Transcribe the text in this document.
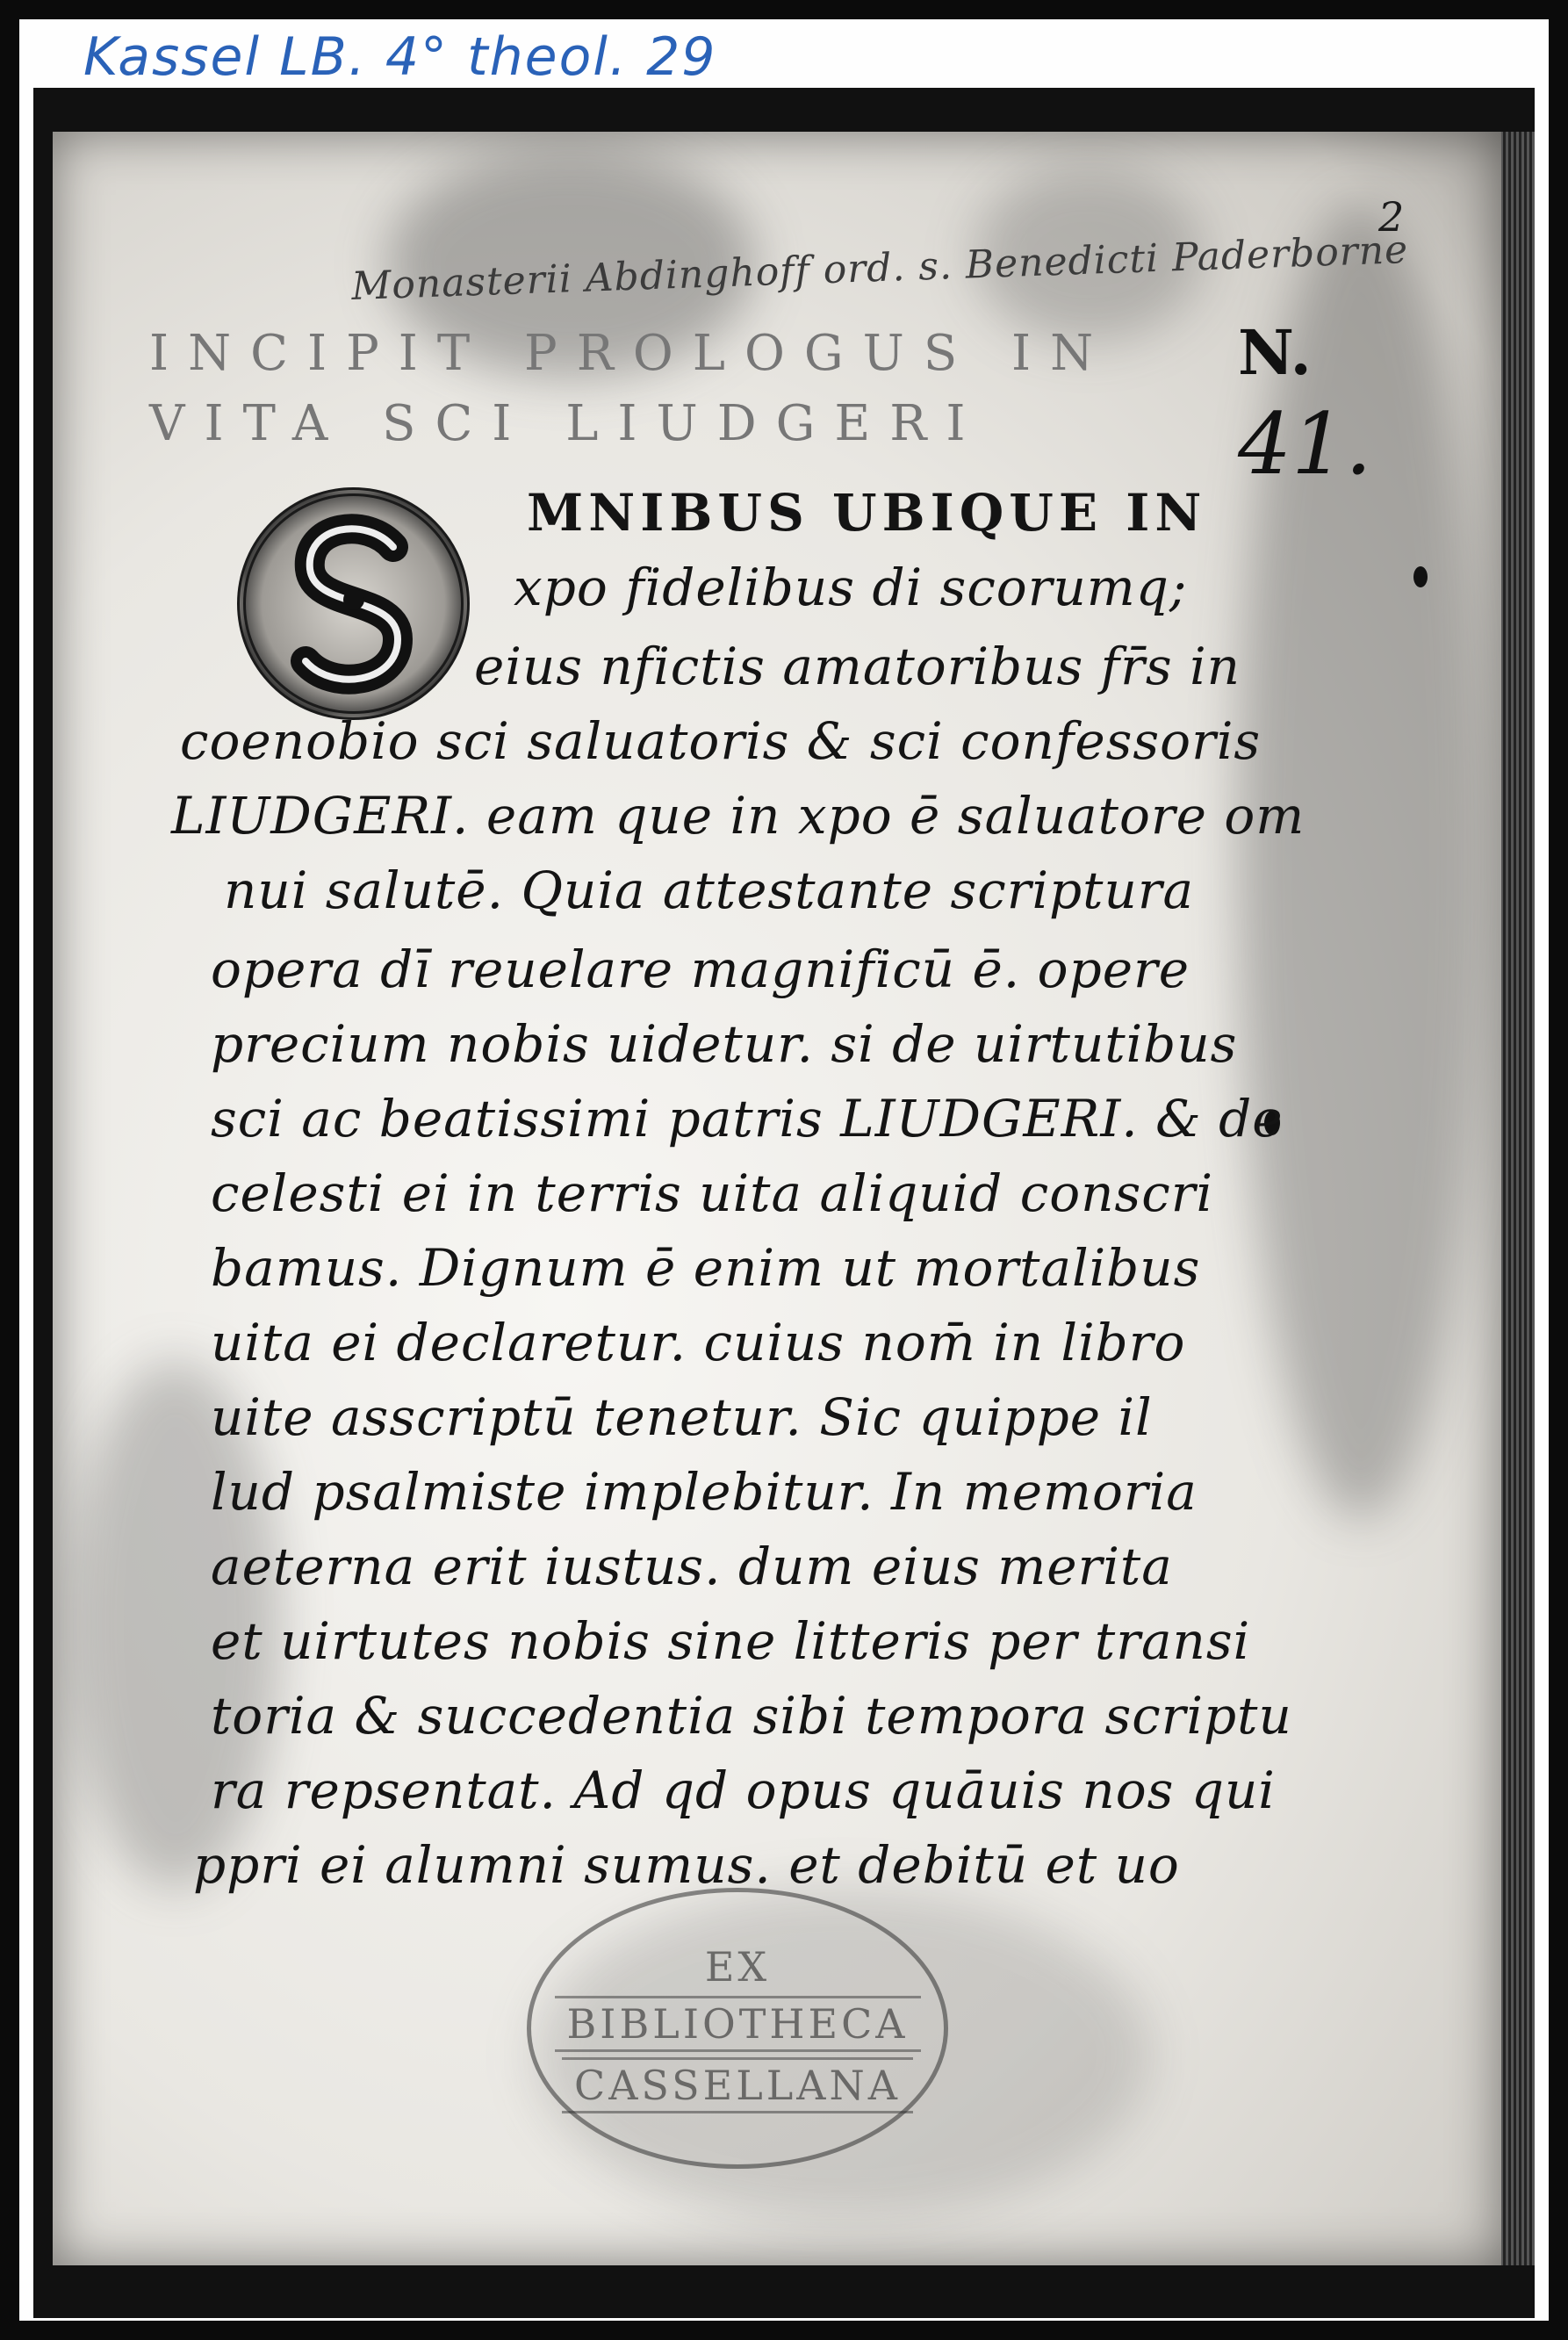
Kassel LB. 4° theol. 29
2
Monasterii Abdinghoff ord. s. Benedicti Paderborne
N.
41.
INCIPIT PROLOGUS IN
VITA SCI LIUDGERI
MNIBUS UBIQUE IN
xpo fidelibus di scorumq;
eius nfictis amatoribus fr̄s in
coenobio sci saluatoris & sci confessoris
LIUDGERI. eam que in xpo ē saluatore om
nui salutē. Quia attestante scriptura
opera dī reuelare magnificū ē. opere
precium nobis uidetur. si de uirtutibus
sci ac beatissimi patris LIUDGERI. & de
celesti ei in terris uita aliquid conscri
bamus. Dignum ē enim ut mortalibus
uita ei declaretur. cuius nom̄ in libro
uite asscriptū tenetur. Sic quippe il
lud psalmiste implebitur. In memoria
aeterna erit iustus. dum eius merita
et uirtutes nobis sine litteris per transi
toria & succedentia sibi tempora scriptu
ra repsentat. Ad qd opus quāuis nos qui
ppri ei alumni sumus. et debitū et uo
EX
BIBLIOTHECA
CASSELLANA
